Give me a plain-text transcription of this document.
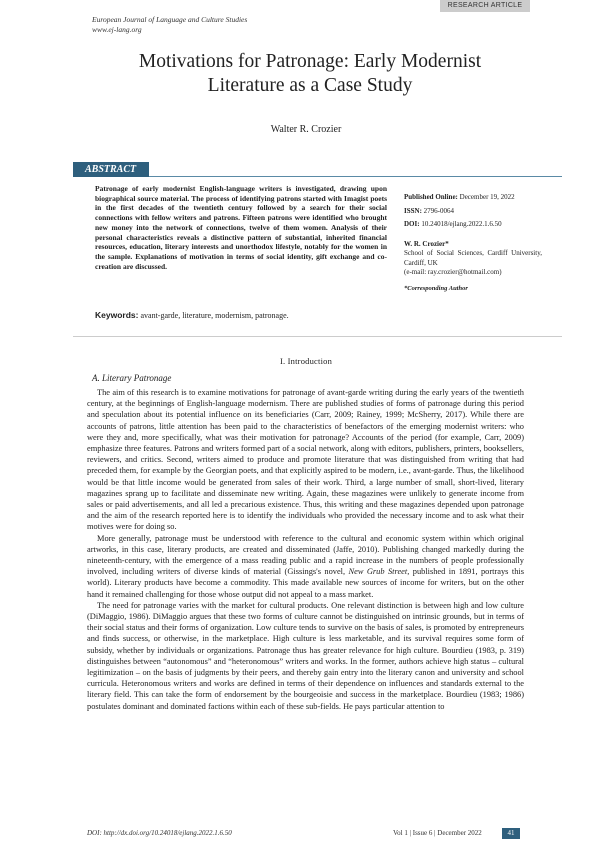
RESEARCH ARTICLE
European Journal of Language and Culture Studies
www.ej-lang.org
Motivations for Patronage: Early Modernist
Literature as a Case Study
Walter R. Crozier
ABSTRACT
Patronage of early modernist English-language writers is investigated, drawing upon biographical source material. The process of identifying patrons started with Imagist poets in the first decades of the twentieth century followed by a search for their social connections with fellow writers and patrons. Fifteen patrons were identified who brought new money into the network of connections, twelve of them women. Analysis of their personal characteristics reveals a distinctive pattern of substantial, inherited financial resources, education, literary interests and unorthodox lifestyle, notably for the women in the sample. Explanations of motivation in terms of social identity, gift exchange and co-creation are discussed.
Keywords: avant-garde, literature, modernism, patronage.
Published Online: December 19, 2022
ISSN: 2796-0064
DOI: 10.24018/ejlang.2022.1.6.50
W. R. Crozier*
School of Social Sciences, Cardiff University, Cardiff, UK
(e-mail: ray.crozier@hotmail.com)
*Corresponding Author
I. Introduction
A. Literary Patronage

The aim of this research is to examine motivations for patronage of avant-garde writing during the early years of the twentieth century, at the beginnings of English-language modernism. There are published studies of forms of patronage during this period and speculation about its potential influence on its beneficiaries (Carr, 2009; Rainey, 1999; McSherry, 2017). While there are accounts of patrons, little attention has been paid to the characteristics of benefactors of the emerging modernist writers: who were they and, more specifically, what was their motivation for patronage? Accounts of the period (for example, Carr, 2009) emphasize three features. Patrons and writers formed part of a social network, along with editors, publishers, printers, booksellers, reviewers, and critics. Second, writers aimed to produce and promote literature that was distinguished from writing that had preceded them, for example by the Georgian poets, and that explicitly aspired to be modern, i.e., avant-garde. Thus, the likelihood would be that little income would be generated from sales of their work. Third, a large number of small, short-lived, literary magazines sprang up to facilitate and disseminate new writing. Again, these magazines were unlikely to generate income from sales or paid advertisements, and all led a precarious existence. Thus, this writing and these magazines depended upon patronage and the aim of the research reported here is to identify the individuals who provided the necessary income and to ask what their motives were for doing so.

More generally, patronage must be understood with reference to the cultural and economic system within which original artworks, in this case, literary products, are created and disseminated (Jaffe, 2010). Publishing changed markedly during the nineteenth-century, with the emergence of a mass reading public and a rapid increase in the numbers of people professionally involved, including writers of diverse kinds of material (Gissings's novel, New Grub Street, published in 1891, portrays this world). Literary products have become a commodity. This made available new sources of income for writers, but on the other hand it remained challenging for those whose output did not appeal to a mass market.

The need for patronage varies with the market for cultural products. One relevant distinction is between high and low culture (DiMaggio, 1986). DiMaggio argues that these two forms of culture cannot be distinguished on intrinsic grounds, but in terms of their social status and their forms of organization. Low culture tends to survive on the basis of sales, is promoted by entrepreneurs and finds success, or otherwise, in the marketplace. High culture is less marketable, and its survival requires some form of subsidy, whether by individuals or organizations. Patronage thus has greater relevance for high culture. Bourdieu (1983, p. 319) distinguishes between “autonomous” and “heteronomous” writers and works. In the former, authors achieve high status – cultural legitimization – on the basis of judgments by their peers, and thereby gain entry into the literary canon and university and school curricula. Heteronomous writers and works are defined in terms of their dependence on influences and standards external to the literary field. This can take the form of endorsement by the bourgeoisie and success in the marketplace. Bourdieu (1983; 1986) postulates dominant and dominated factions within each of these sub-fields. He pays particular attention to

DOI: http://dx.doi.org/10.24018/ejlang.2022.1.6.50	Vol 1 | Issue 6 | December 2022	41
